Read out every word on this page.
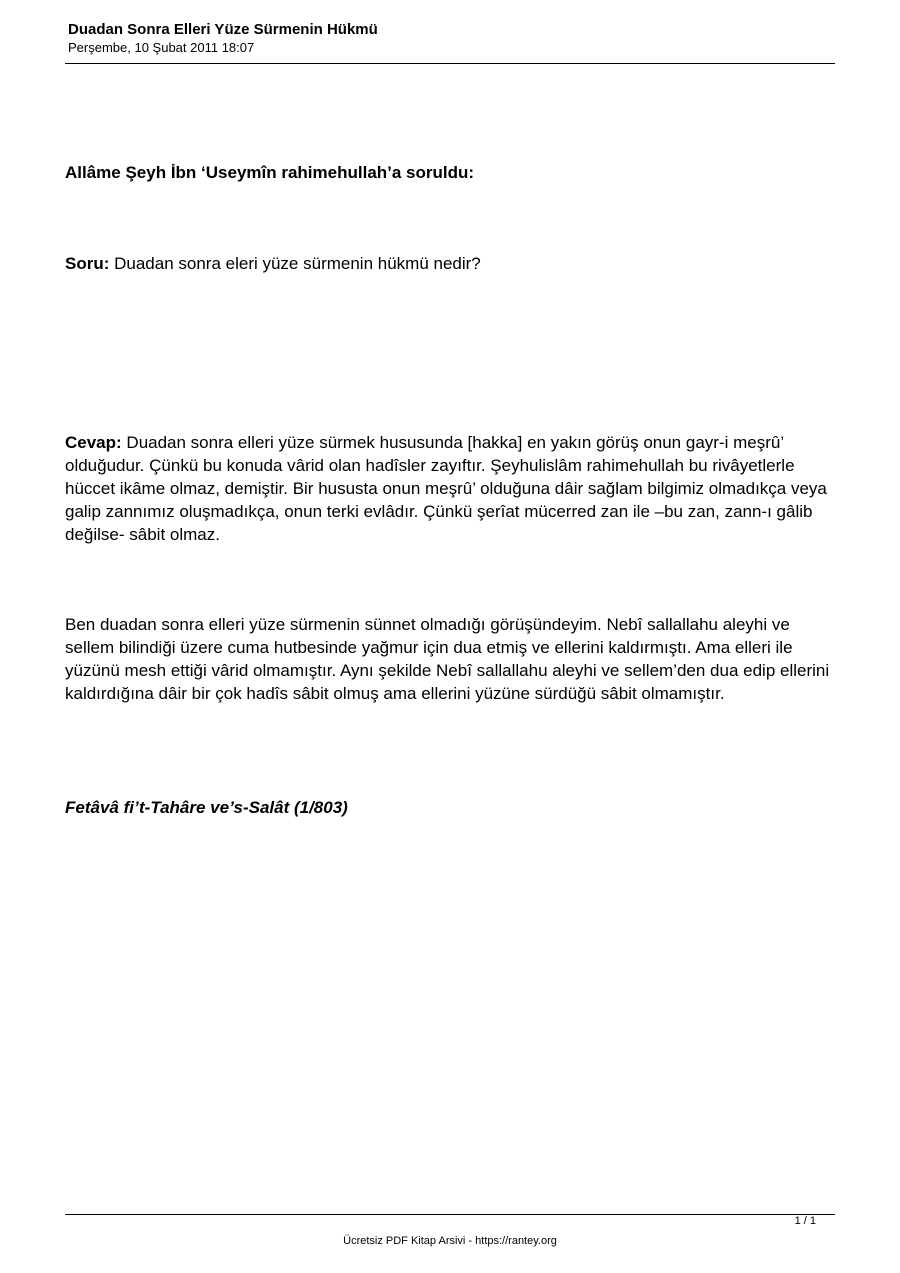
Duadan Sonra Elleri Yüze Sürmenin Hükmü
Perşembe, 10 Şubat 2011 18:07

Allâme Şeyh İbn ‘Useymîn rahimehullah’a soruldu:

Soru: Duadan sonra eleri yüze sürmenin hükmü nedir?

Cevap: Duadan sonra elleri yüze sürmek hususunda [hakka] en yakın görüş onun gayr-i meşrû’ olduğudur. Çünkü bu konuda vârid olan hadîsler zayıftır. Şeyhulislâm rahimehullah bu rivâyetlerle hüccet ikâme olmaz, demiştir. Bir hususta onun meşrû’ olduğuna dâir sağlam bilgimiz olmadıkça veya galip zannımız oluşmadıkça, onun terki evlâdır. Çünkü şerîat mücerred zan ile –bu zan, zann-ı gâlib değilse- sâbit olmaz.

Ben duadan sonra elleri yüze sürmenin sünnet olmadığı görüşündeyim. Nebî sallallahu aleyhi ve sellem bilindiği üzere cuma hutbesinde yağmur için dua etmiş ve ellerini kaldırmıştı. Ama elleri ile yüzünü mesh ettiği vârid olmamıştır. Aynı şekilde Nebî sallallahu aleyhi ve sellem’den dua edip ellerini kaldırdığına dâir bir çok hadîs sâbit olmuş ama ellerini yüzüne sürdüğü sâbit olmamıştır.

Fetâvâ fi’t-Tahâre ve’s-Salât (1/803)

1 / 1
Ücretsiz PDF Kitap Arsivi - https://rantey.org
